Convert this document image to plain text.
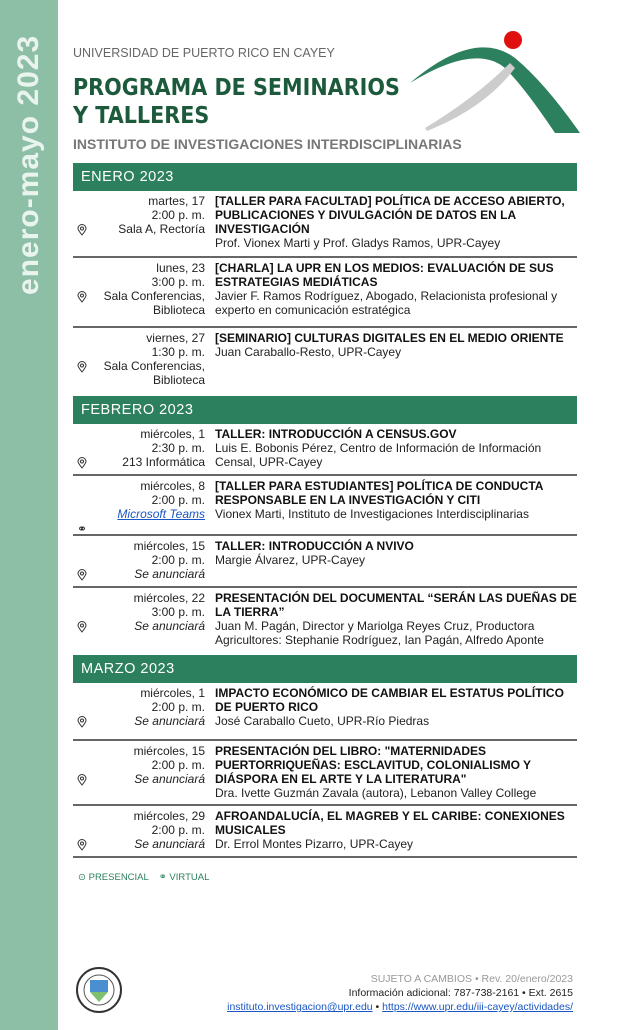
enero-mayo 2023 UNIVERSIDAD DE PUERTO RICO EN CAYEY
PROGRAMA DE SEMINARIOS
Y TALLERES
INSTITUTO DE INVESTIGACIONES INTERDISCIPLINARIAS
ENERO 2023
martes, 17
2:00 p. m.
Sala A, Rectoría
[TALLER PARA FACULTAD] POLÍTICA DE ACCESO ABIERTO, PUBLICACIONES Y DIVULGACIÓN DE DATOS EN LA INVESTIGACIÓN
Prof. Vionex Marti y Prof. Gladys Ramos, UPR-Cayey
lunes, 23
3:00 p. m.
Sala Conferencias, Biblioteca
[CHARLA] LA UPR EN LOS MEDIOS: EVALUACIÓN DE SUS ESTRATEGIAS MEDIÁTICAS
Javier F. Ramos Rodríguez, Abogado, Relacionista profesional y experto en comunicación estratégica
viernes, 27
1:30 p. m.
Sala Conferencias, Biblioteca
[SEMINARIO] CULTURAS DIGITALES EN EL MEDIO ORIENTE
Juan Caraballo-Resto, UPR-Cayey
FEBRERO 2023
miércoles, 1
2:30 p. m.
213 Informática
TALLER: INTRODUCCIÓN A CENSUS.GOV
Luis E. Bobonis Pérez, Centro de Información de Información Censal, UPR-Cayey
⚭
miércoles, 8
2:00 p. m.
Microsoft Teams
[TALLER PARA ESTUDIANTES] POLÍTICA DE CONDUCTA RESPONSABLE EN LA INVESTIGACIÓN Y CITI
Vionex Marti, Instituto de Investigaciones Interdisciplinarias
miércoles, 15
2:00 p. m.
Se anunciará
TALLER: INTRODUCCIÓN A NVIVO
Margie Álvarez, UPR-Cayey
miércoles, 22
3:00 p. m.
Se anunciará
PRESENTACIÓN DEL DOCUMENTAL “SERÁN LAS DUEÑAS DE LA TIERRA”
Juan M. Pagán, Director y Mariolga Reyes Cruz, Productora
Agricultores: Stephanie Rodríguez, Ian Pagán, Alfredo Aponte
MARZO 2023
miércoles, 1
2:00 p. m.
Se anunciará
IMPACTO ECONÓMICO DE CAMBIAR EL ESTATUS POLÍTICO DE PUERTO RICO
José Caraballo Cueto, UPR-Río Piedras
miércoles, 15
2:00 p. m.
Se anunciará
PRESENTACIÓN DEL LIBRO: "MATERNIDADES PUERTORRIQUEÑAS: ESCLAVITUD, COLONIALISMO Y DIÁSPORA EN EL ARTE Y LA LITERATURA"
Dra. Ivette Guzmán Zavala (autora), Lebanon Valley College
miércoles, 29
2:00 p. m.
Se anunciará
AFROANDALUCÍA, EL MAGREB Y EL CARIBE: CONEXIONES MUSICALES
Dr. Errol Montes Pizarro, UPR-Cayey
⊙ PRESENCIAL ⚭ VIRTUAL
SUJETO A CAMBIOS • Rev. 20/enero/2023
Información adicional: 787-738-2161 • Ext. 2615
instituto.investigacion@upr.edu • https://www.upr.edu/iii-cayey/actividades/
